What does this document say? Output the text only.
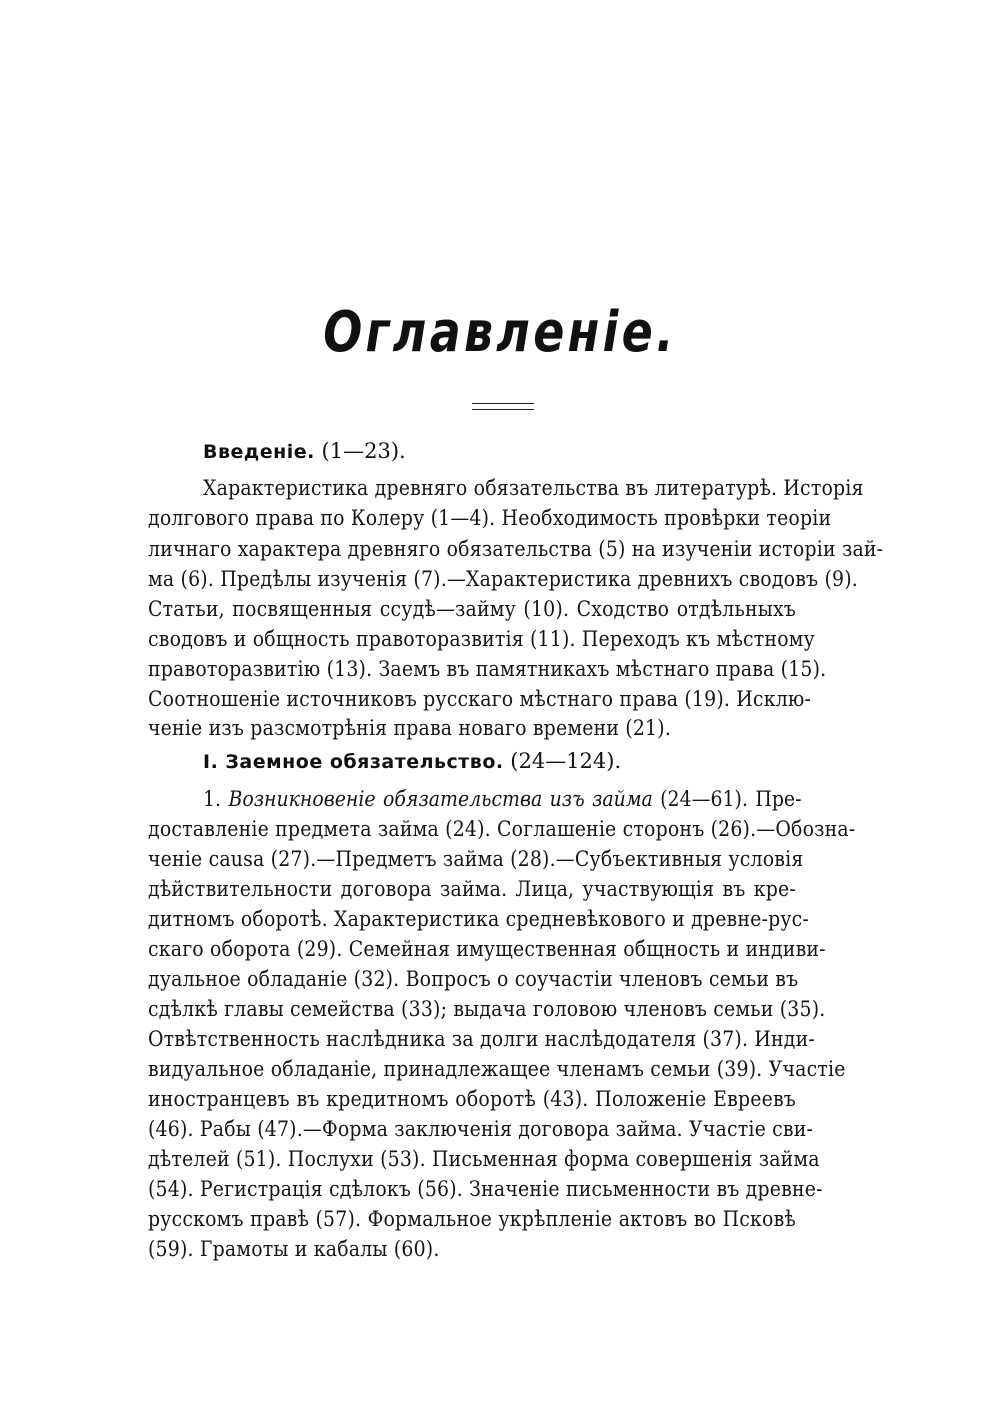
Оглавленіе.
Введеніе. (1—23).
Характеристика древняго обязательства въ литературѣ. Исторія
долгового права по Колеру (1—4). Необходимость провѣрки теоріи
личнаго характера древняго обязательства (5) на изученіи исторіи зай-
ма (6). Предѣлы изученія (7).—Характеристика древнихъ сводовъ (9).
Статьи, посвященныя ссудѣ—займу (10). Сходство отдѣльныхъ
сводовъ и общность правоторазвитія (11). Переходъ къ мѣстному
правоторазвитію (13). Заемъ въ памятникахъ мѣстнаго права (15).
Соотношеніе источниковъ русскаго мѣстнаго права (19). Исклю-
ченіе изъ разсмотрѣнія права новаго времени (21).
I. Заемное обязательство. (24—124).
1. Возникновеніе обязательства изъ займа (24—61). Пре-
доставленіе предмета займа (24). Соглашеніе сторонъ (26).—Обозна-
ченіе causa (27).—Предметъ займа (28).—Субъективныя условія
дѣйствительности договора займа. Лица, участвующія въ кре-
дитномъ оборотѣ. Характеристика средневѣкового и древне-рус-
скаго оборота (29). Семейная имущественная общность и индиви-
дуальное обладаніе (32). Вопросъ о соучастіи членовъ семьи въ
сдѣлкѣ главы семейства (33); выдача головою членовъ семьи (35).
Отвѣтственность наслѣдника за долги наслѣдодателя (37). Инди-
видуальное обладаніе, принадлежащее членамъ семьи (39). Участіе
иностранцевъ въ кредитномъ оборотѣ (43). Положеніе Евреевъ
(46). Рабы (47).—Форма заключенія договора займа. Участіе сви-
дѣтелей (51). Послухи (53). Письменная форма совершенія займа
(54). Регистрація сдѣлокъ (56). Значеніе письменности въ древне-
русскомъ правѣ (57). Формальное укрѣпленіе актовъ во Псковѣ
(59). Грамоты и кабалы (60).
